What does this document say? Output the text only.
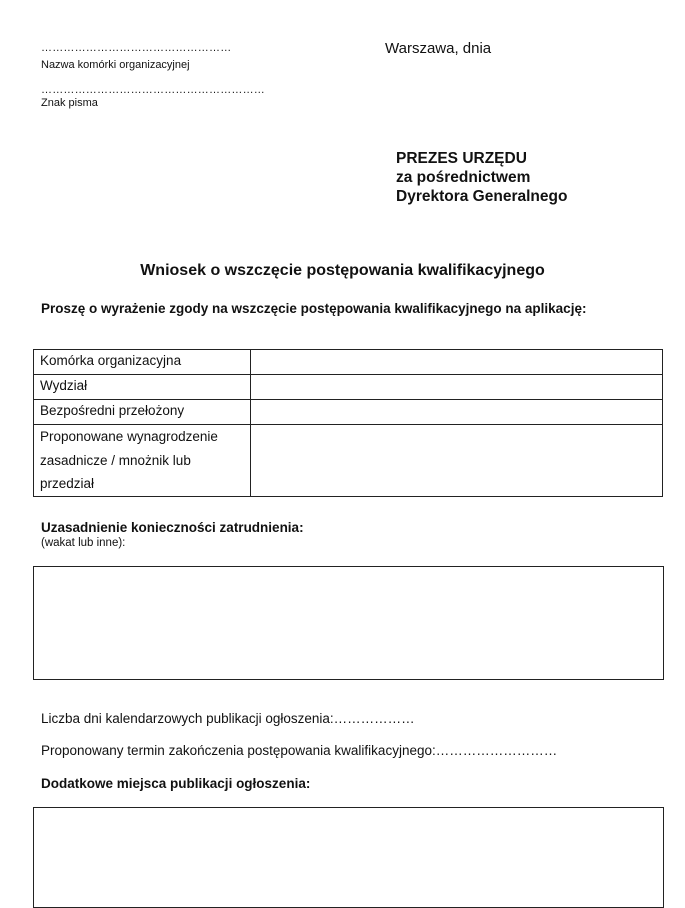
……………………………………………
Nazwa komórki organizacyjnej
……………………………………………………
Znak pisma
Warszawa, dnia
PREZES URZĘDU
za pośrednictwem
Dyrektora Generalnego
Wniosek o wszczęcie postępowania kwalifikacyjnego
Proszę o wyrażenie zgody na wszczęcie postępowania kwalifikacyjnego na aplikację:
Komórka organizacyjna	

Wydział	

Bezpośredni przełożony	

Proponowane wynagrodzenie
zasadnicze / mnożnik lub
przedział	

Uzasadnienie konieczności zatrudnienia:
(wakat lub inne):
Liczba dni kalendarzowych publikacji ogłoszenia:………………
Proponowany termin zakończenia postępowania kwalifikacyjnego:………………………
Dodatkowe miejsca publikacji ogłoszenia:
